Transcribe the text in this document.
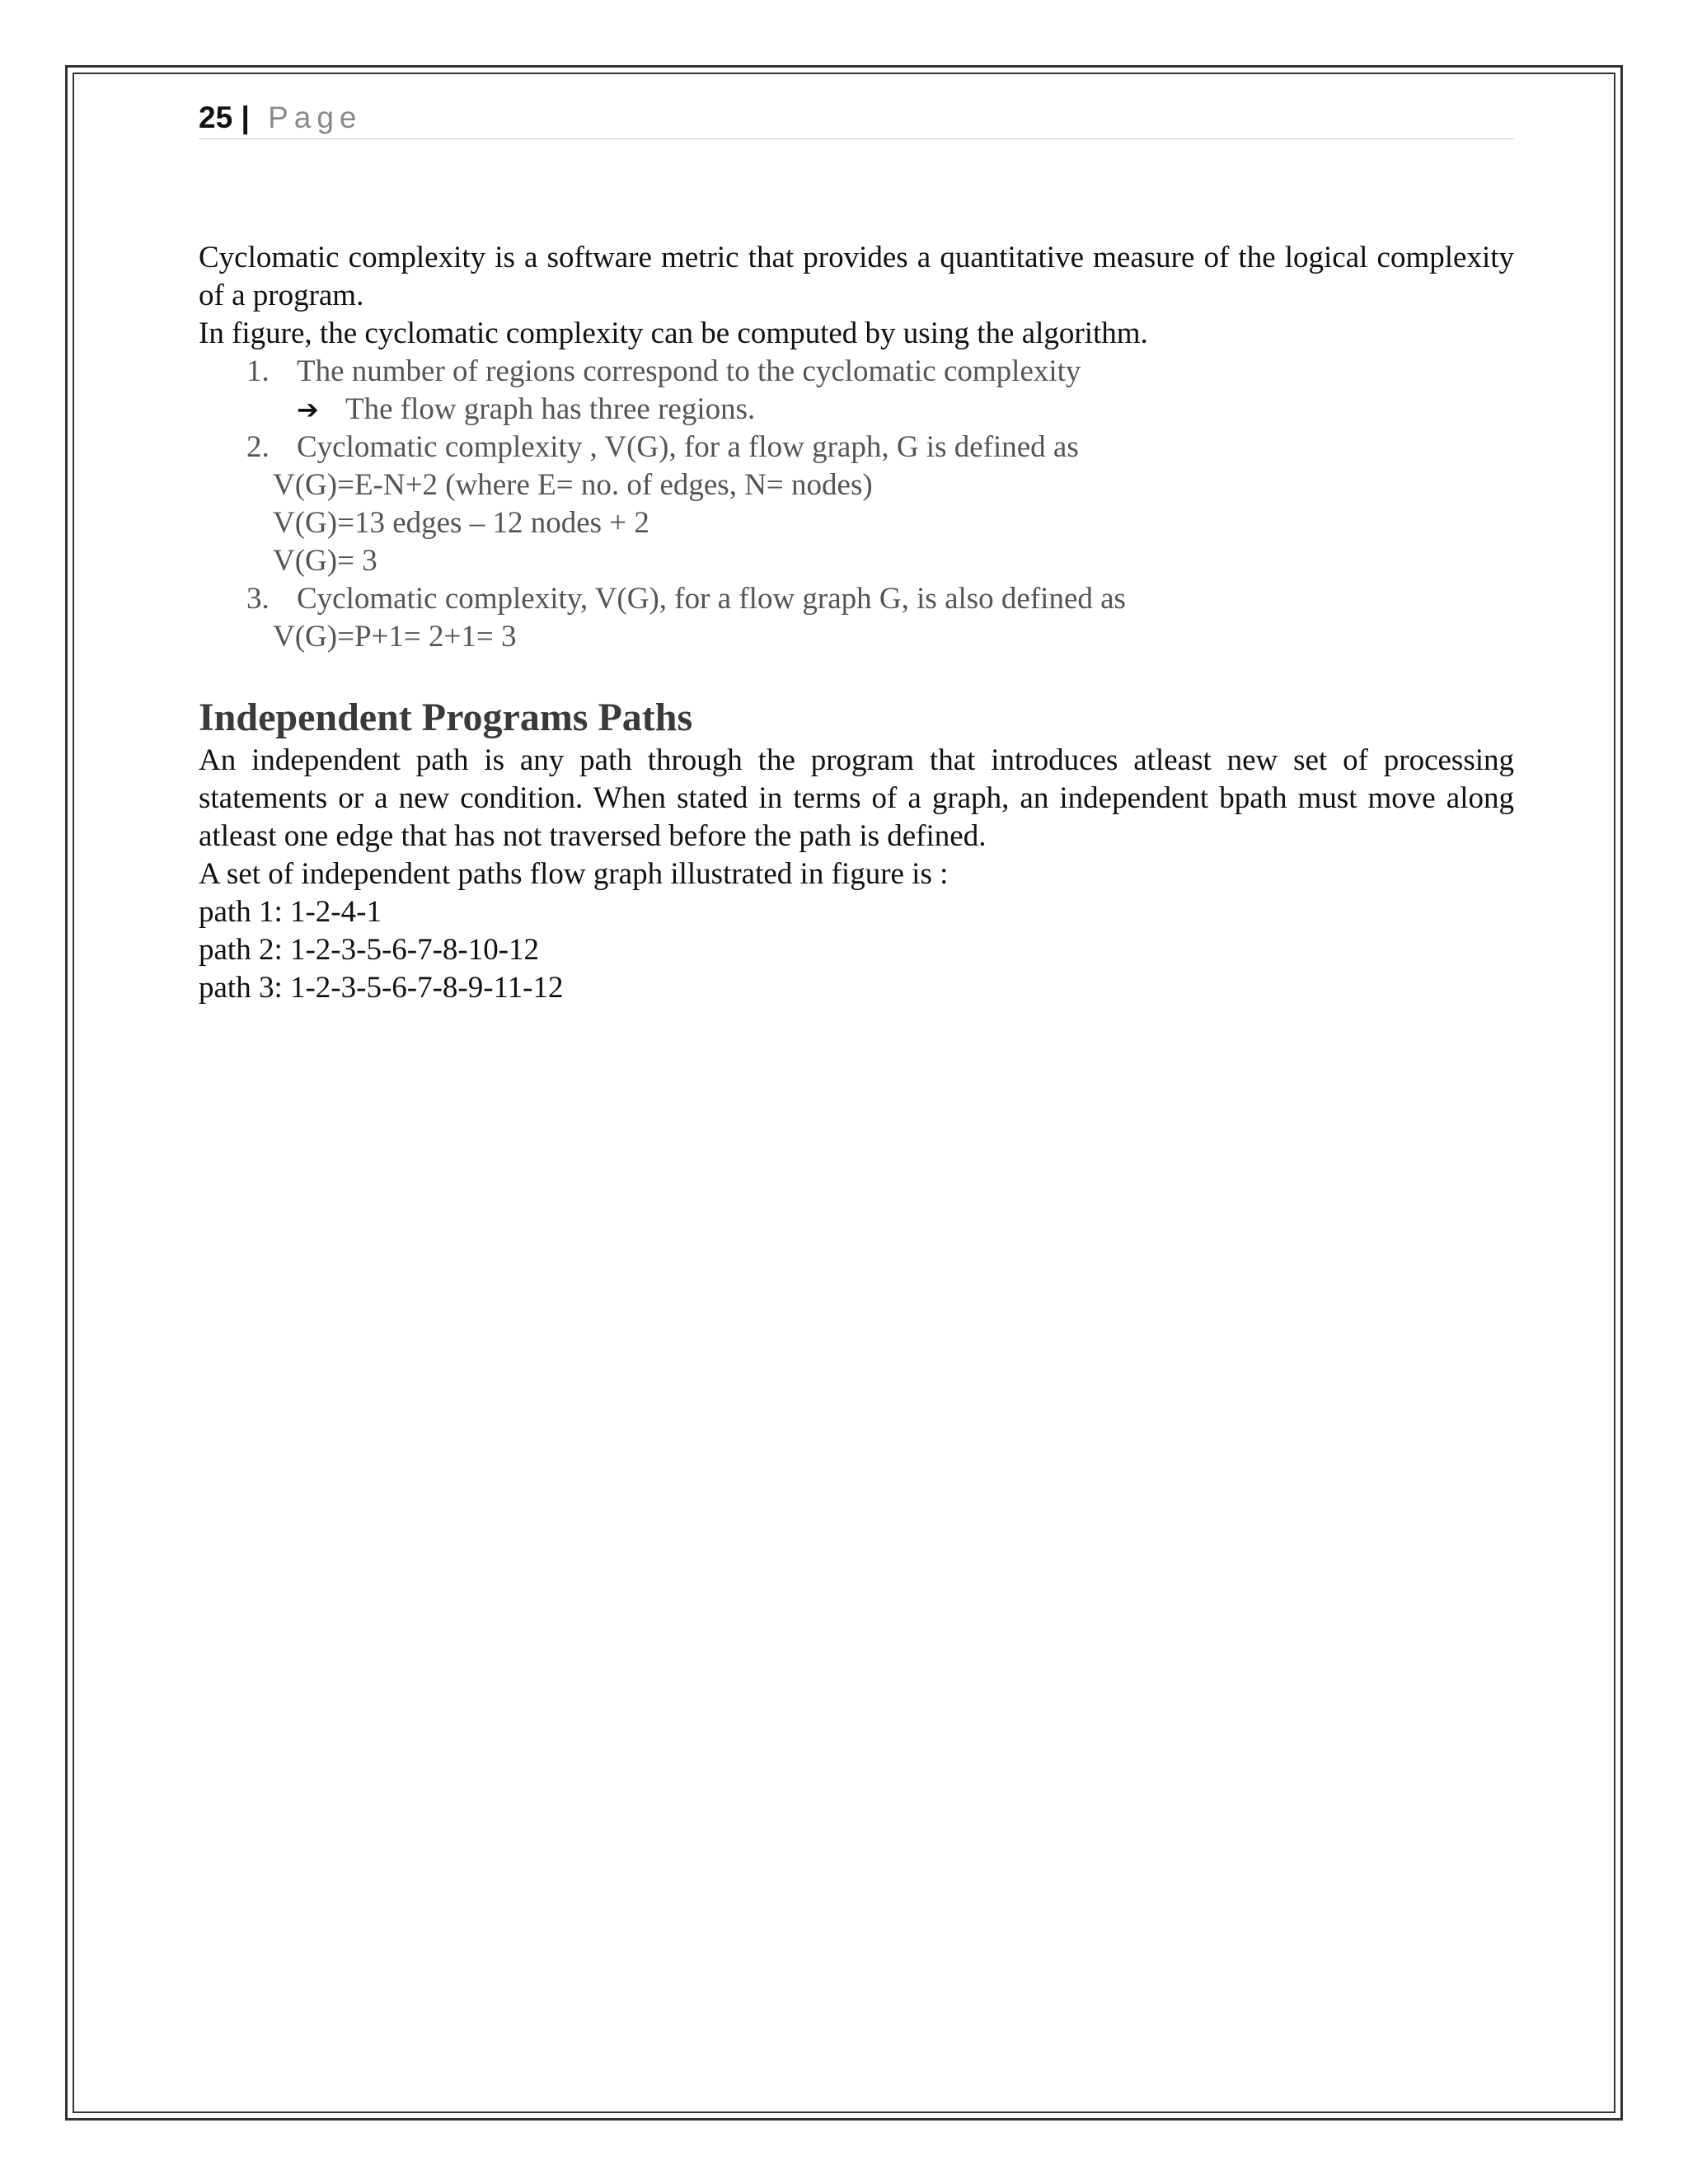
25 | Page

Cyclomatic complexity is a software metric that provides a quantitative measure of the logical complexity of a program.

In figure, the cyclomatic complexity can be computed by using the algorithm.

1. The number of regions correspond to the cyclomatic complexity
➔ The flow graph has three regions.
2. Cyclomatic complexity , V(G), for a flow graph, G is defined as
V(G)=E-N+2 (where E= no. of edges, N= nodes)
V(G)=13 edges – 12 nodes + 2
V(G)= 3
3. Cyclomatic complexity, V(G), for a flow graph G, is also defined as
V(G)=P+1= 2+1= 3
Independent Programs Paths

An independent path is any path through the program that introduces atleast new set of processing statements or a new condition. When stated in terms of a graph, an independent bpath must move along atleast one edge that has not traversed before the path is defined.

A set of independent paths flow graph illustrated in figure is :

path 1: 1-2-4-1

path 2: 1-2-3-5-6-7-8-10-12

path 3: 1-2-3-5-6-7-8-9-11-12
